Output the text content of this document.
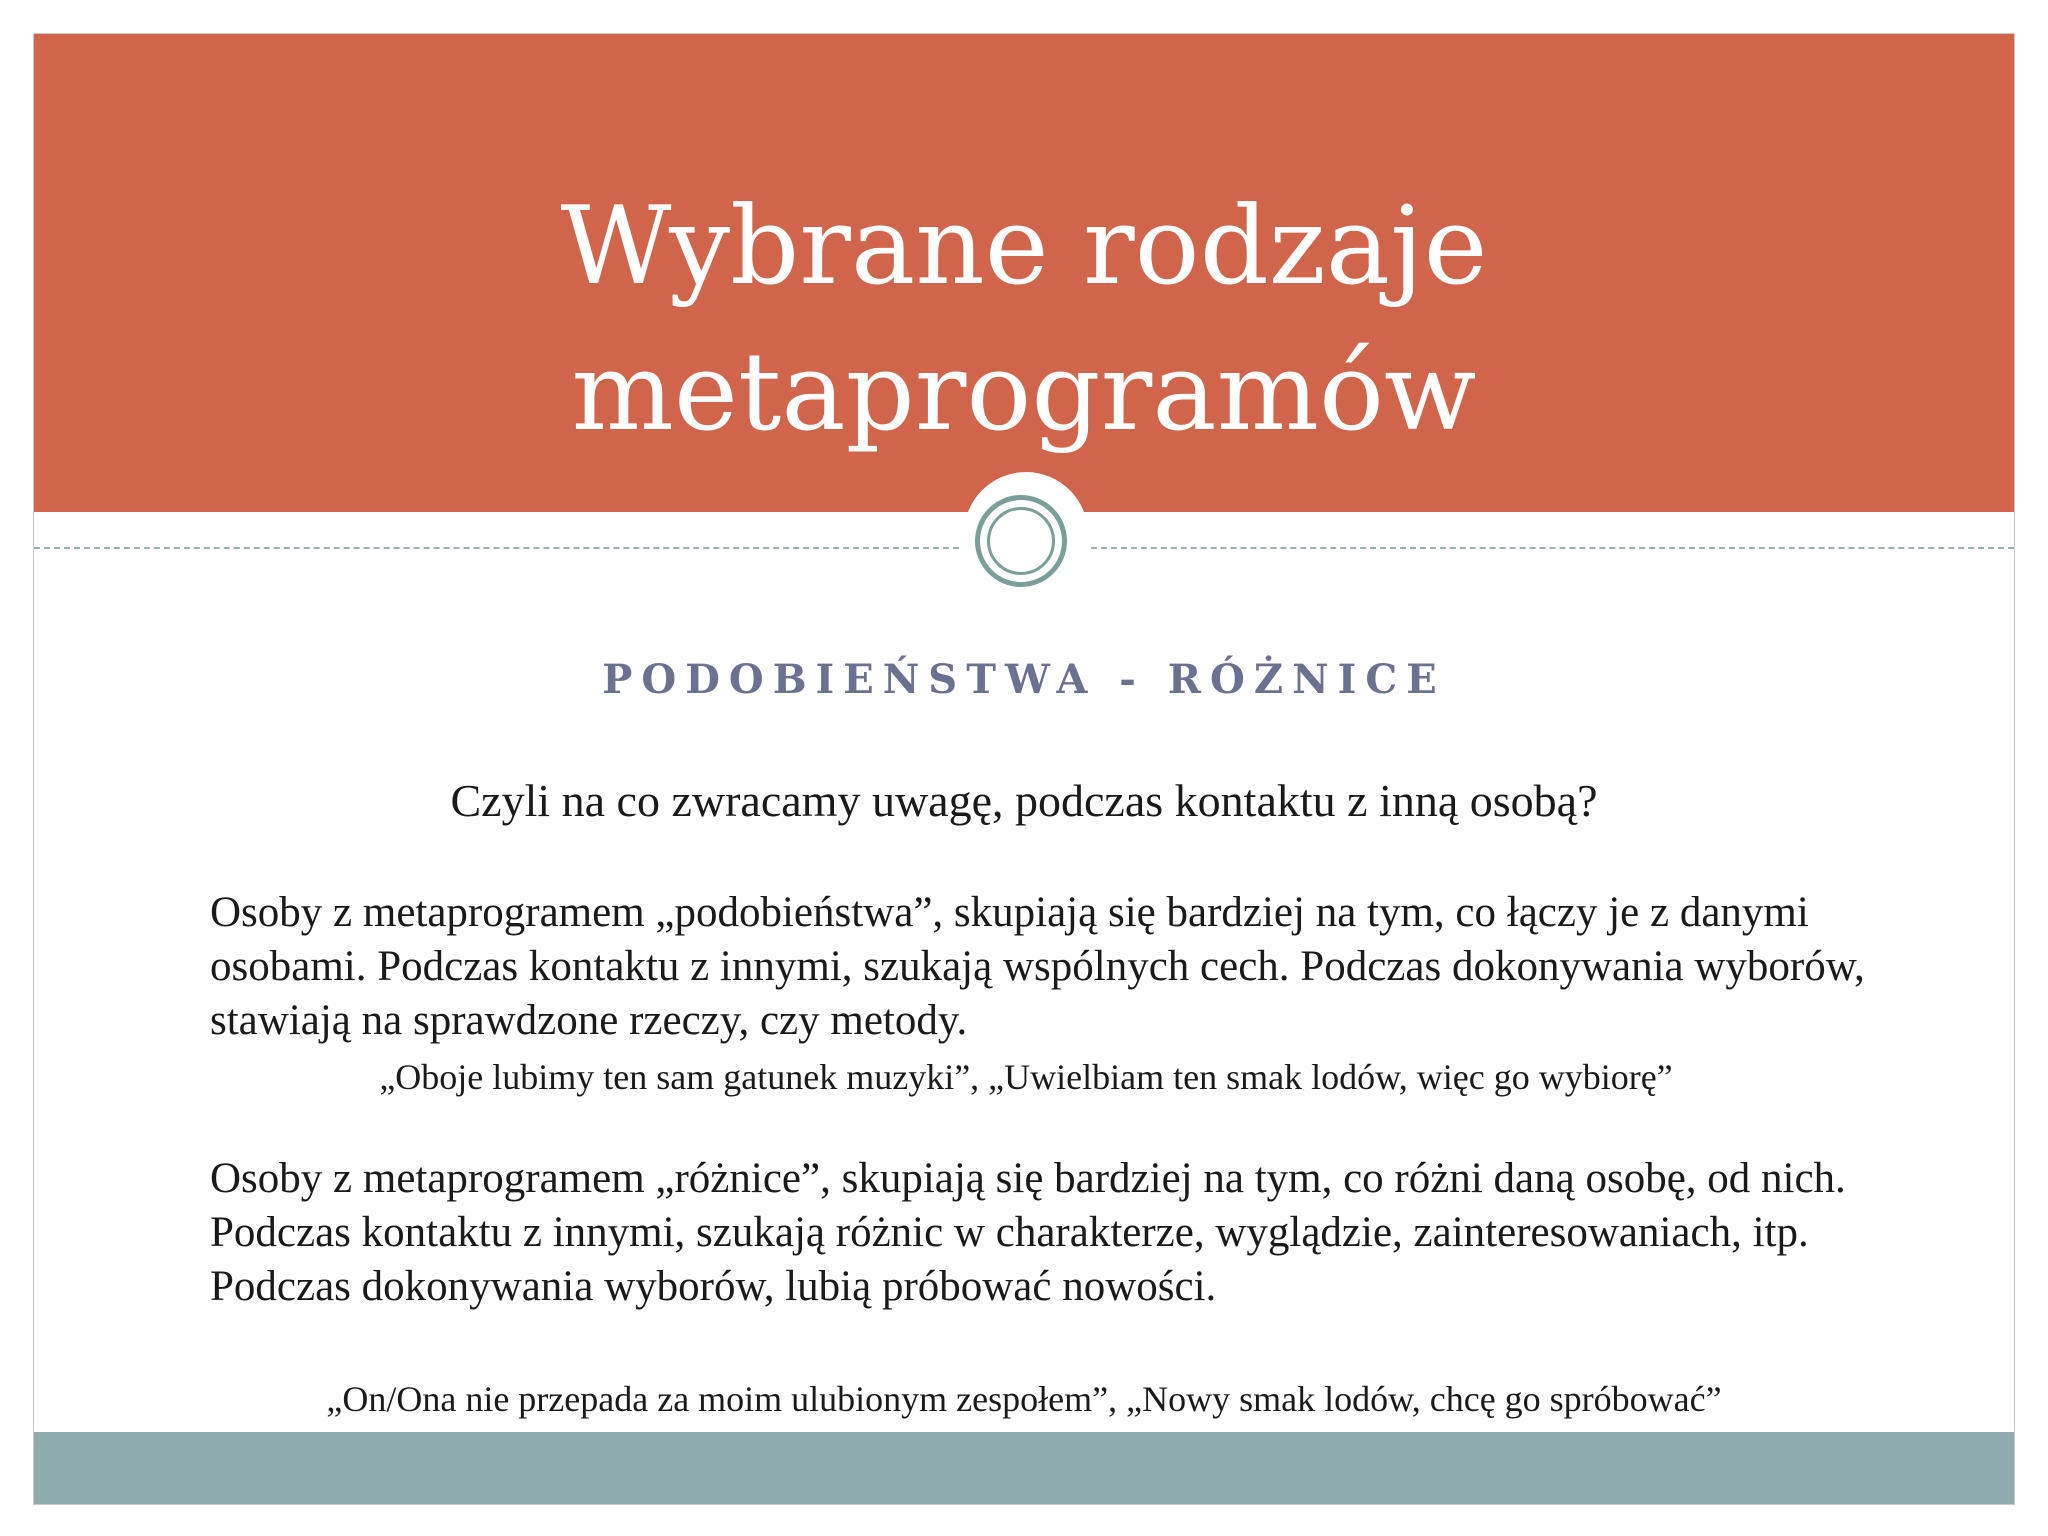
Wybrane rodzaje
metaprogramów

PODOBIEŃSTWA - RÓŻNICE

Czyli na co zwracamy uwagę, podczas kontaktu z inną osobą?

Osoby z metaprogramem „podobieństwa”, skupiają się bardziej na tym, co łączy je z danymi osobami. Podczas kontaktu z innymi, szukają wspólnych cech. Podczas dokonywania wyborów, stawiają na sprawdzone rzeczy, czy metody.

„Oboje lubimy ten sam gatunek muzyki”, „Uwielbiam ten smak lodów, więc go wybiorę”

Osoby z metaprogramem „różnice”, skupiają się bardziej na tym, co różni daną osobę, od nich. Podczas kontaktu z innymi, szukają różnic w charakterze, wyglądzie, zainteresowaniach, itp. Podczas dokonywania wyborów, lubią próbować nowości.

„On/Ona nie przepada za moim ulubionym zespołem”, „Nowy smak lodów, chcę go spróbować”
